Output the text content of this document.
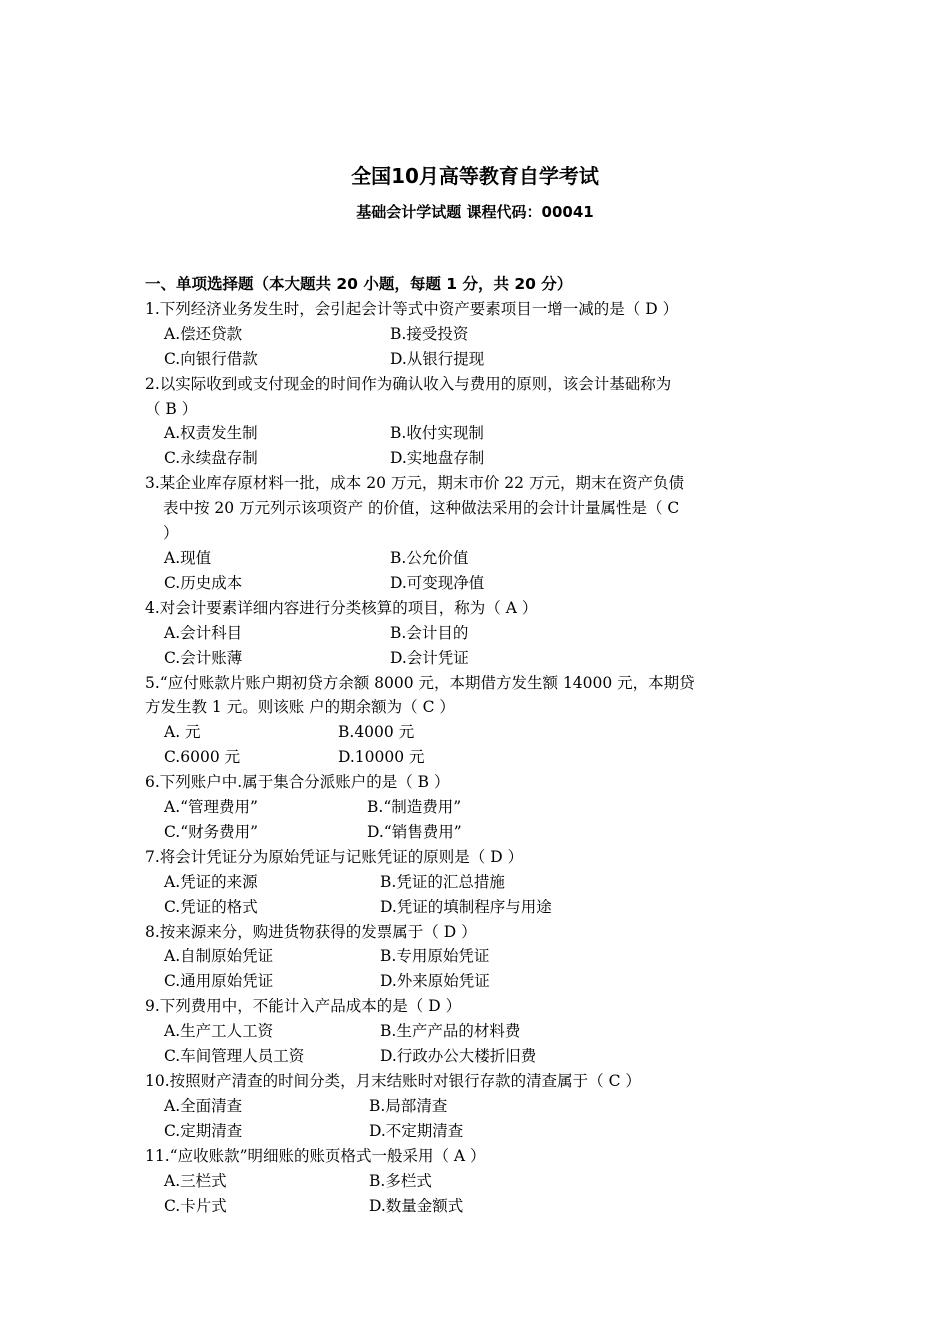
全国10月高等教育自学考试
基础会计学试题 课程代码：00041
一、单项选择题（本大题共 20 小题，每题 1 分，共 20 分）
1.下列经济业务发生时，会引起会计等式中资产要素项目一增一减的是（ D ）
A.偿还贷款	B.接受投资
C.向银行借款	D.从银行提现
2.以实际收到或支付现金的时间作为确认收入与费用的原则，该会计基础称为
（ B ）
A.权责发生制	B.收付实现制
C.永续盘存制	D.实地盘存制
3.某企业库存原材料一批，成本 20 万元，期末市价 22 万元，期末在资产负债
表中按 20 万元列示该项资产 的价值，这种做法采用的会计计量属性是（ C
）
A.现值	B.公允价值
C.历史成本	D.可变现净值
4.对会计要素详细内容进行分类核算的项目，称为（ A ）
A.会计科目	B.会计目的
C.会计账薄	D.会计凭证
5.“应付账款片账户期初贷方余额 8000 元，本期借方发生额 14000 元，本期贷
方发生教 1 元。则该账 户的期余额为（ C ）
A. 元	B.4000 元
C.6000 元	D.10000 元
6.下列账户中.属于集合分派账户的是（ B ）
A.“管理费用”	B.“制造费用”
C.“财务费用”	D.“销售费用”
7.将会计凭证分为原始凭证与记账凭证的原则是（ D ）
A.凭证的来源	B.凭证的汇总措施
C.凭证的格式	D.凭证的填制程序与用途
8.按来源来分，购进货物获得的发票属于（ D ）
A.自制原始凭证	B.专用原始凭证
C.通用原始凭证	D.外来原始凭证
9.下列费用中，不能计入产品成本的是（ D ）
A.生产工人工资	B.生产产品的材料费
C.车间管理人员工资	D.行政办公大楼折旧费
10.按照财产清查的时间分类，月末结账时对银行存款的清查属于（ C ）
A.全面清查	B.局部清查
C.定期清查	D.不定期清查
11.“应收账款”明细账的账页格式一般采用（ A ）
A.三栏式	B.多栏式
C.卡片式	D.数量金额式
